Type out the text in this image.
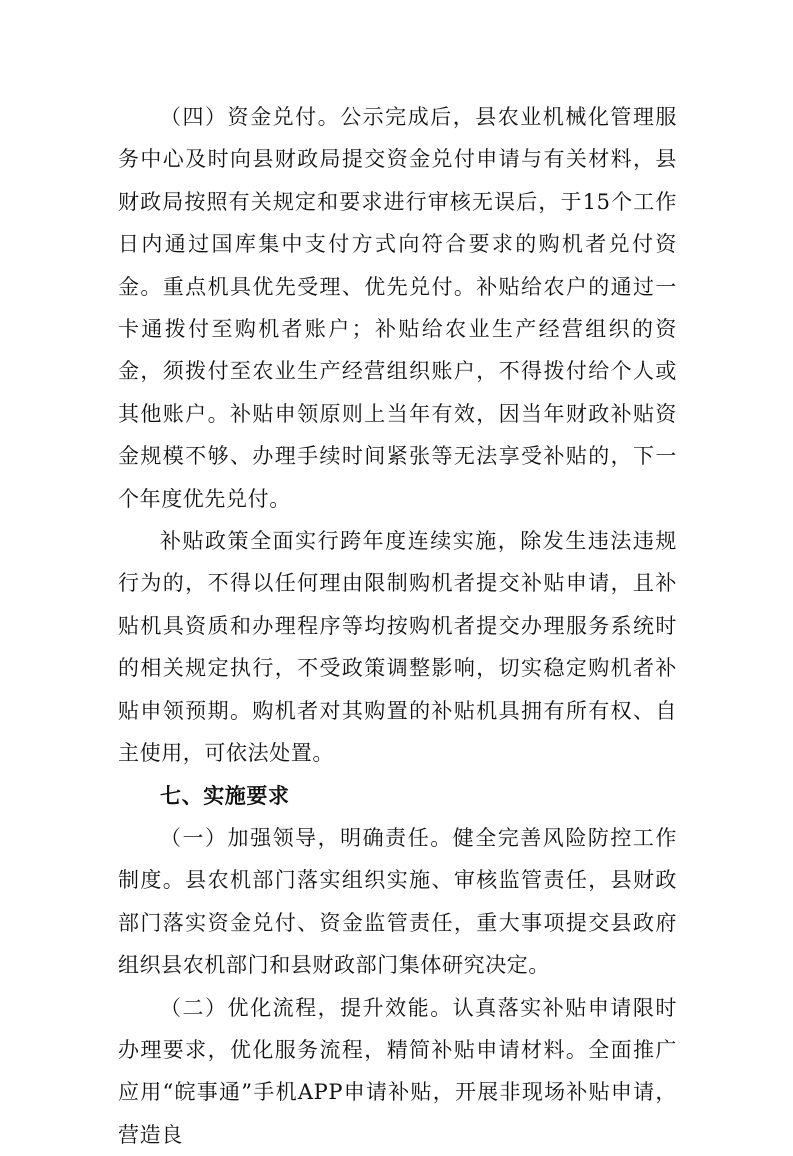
（四）资金兑付。公示完成后，县农业机械化管理服务中心及时向县财政局提交资金兑付申请与有关材料，县财政局按照有关规定和要求进行审核无误后，于15个工作日内通过国库集中支付方式向符合要求的购机者兑付资金。重点机具优先受理、优先兑付。补贴给农户的通过一卡通拨付至购机者账户；补贴给农业生产经营组织的资金，须拨付至农业生产经营组织账户，不得拨付给个人或其他账户。补贴申领原则上当年有效，因当年财政补贴资金规模不够、办理手续时间紧张等无法享受补贴的，下一个年度优先兑付。

补贴政策全面实行跨年度连续实施，除发生违法违规行为的，不得以任何理由限制购机者提交补贴申请，且补贴机具资质和办理程序等均按购机者提交办理服务系统时的相关规定执行，不受政策调整影响，切实稳定购机者补贴申领预期。购机者对其购置的补贴机具拥有所有权、自主使用，可依法处置。

七、实施要求

（一）加强领导，明确责任。健全完善风险防控工作制度。县农机部门落实组织实施、审核监管责任，县财政部门落实资金兑付、资金监管责任，重大事项提交县政府组织县农机部门和县财政部门集体研究决定。

（二）优化流程，提升效能。认真落实补贴申请限时办理要求，优化服务流程，精简补贴申请材料。全面推广应用“皖事通”手机APP申请补贴，开展非现场补贴申请，营造良
